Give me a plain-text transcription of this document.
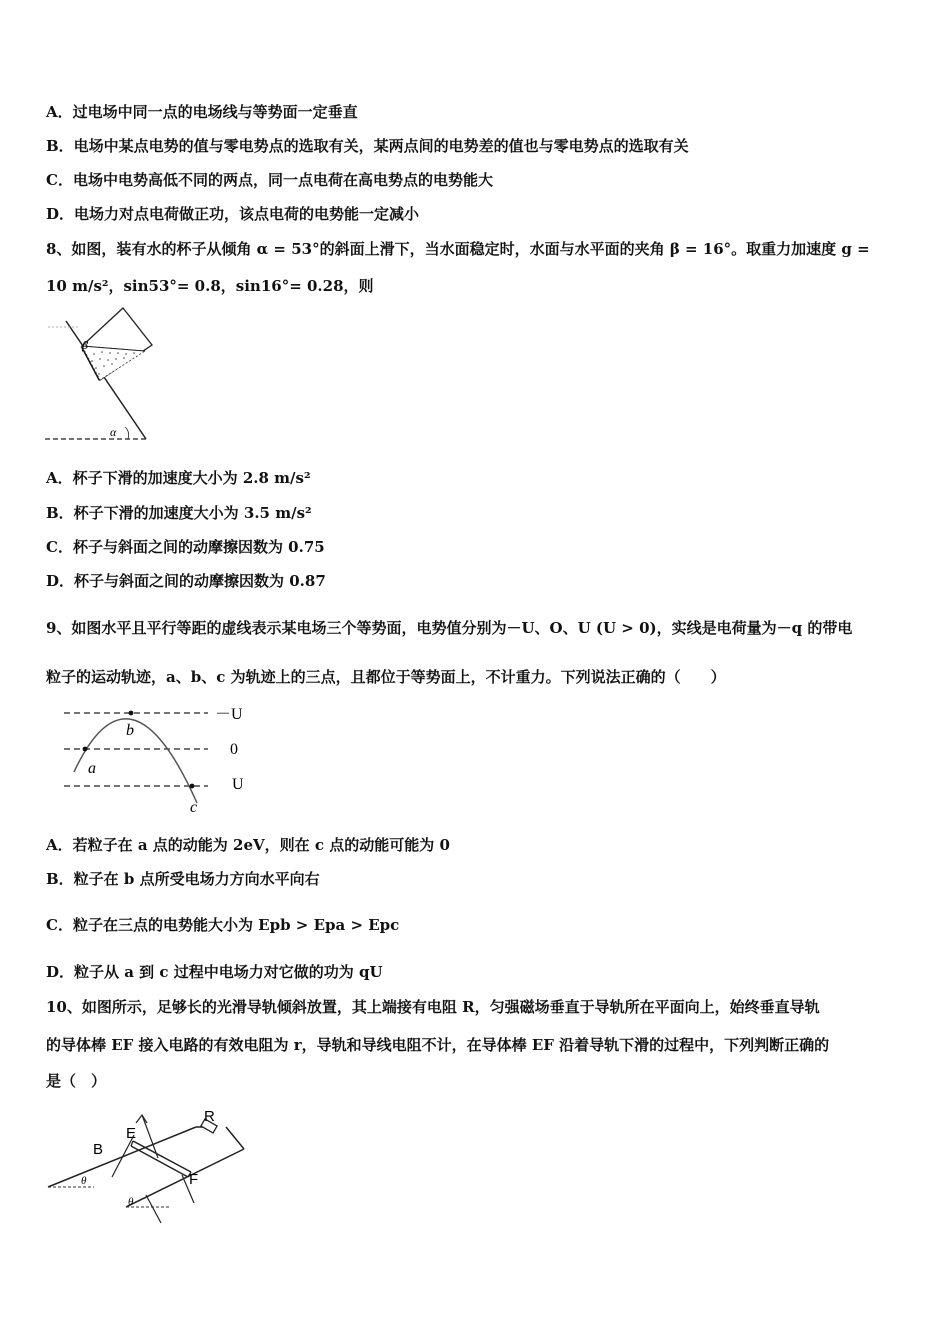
A．过电场中同一点的电场线与等势面一定垂直
B．电场中某点电势的值与零电势点的选取有关，某两点间的电势差的值也与零电势点的选取有关
C．电场中电势高低不同的两点，同一点电荷在高电势点的电势能大
D．电场力对点电荷做正功，该点电荷的电势能一定减小
8、如图，装有水的杯子从倾角 α = 53°的斜面上滑下，当水面稳定时，水面与水平面的夹角 β = 16°。取重力加速度 g =
10 m/s²，sin53°= 0.8，sin16°= 0.28，则
β
α
A．杯子下滑的加速度大小为 2.8 m/s²
B．杯子下滑的加速度大小为 3.5 m/s²
C．杯子与斜面之间的动摩擦因数为 0.75
D．杯子与斜面之间的动摩擦因数为 0.87
9、如图水平且平行等距的虚线表示某电场三个等势面，电势值分别为－U、O、U (U > 0)，实线是电荷量为－q 的带电
粒子的运动轨迹，a、b、c 为轨迹上的三点，且都位于等势面上，不计重力。下列说法正确的（　　）
a
b
c
－U
0
U
A．若粒子在 a 点的动能为 2eV，则在 c 点的动能可能为 0
B．粒子在 b 点所受电场力方向水平向右
C．粒子在三点的电势能大小为 Epb > Epa > Epc
D．粒子从 a 到 c 过程中电场力对它做的功为 qU
10、如图所示，足够长的光滑导轨倾斜放置，其上端接有电阻 R，匀强磁场垂直于导轨所在平面向上，始终垂直导轨
的导体棒 EF 接入电路的有效电阻为 r，导轨和导线电阻不计，在导体棒 EF 沿着导轨下滑的过程中，下列判断正确的
是（　）
R
B
E
F
θ
θ
